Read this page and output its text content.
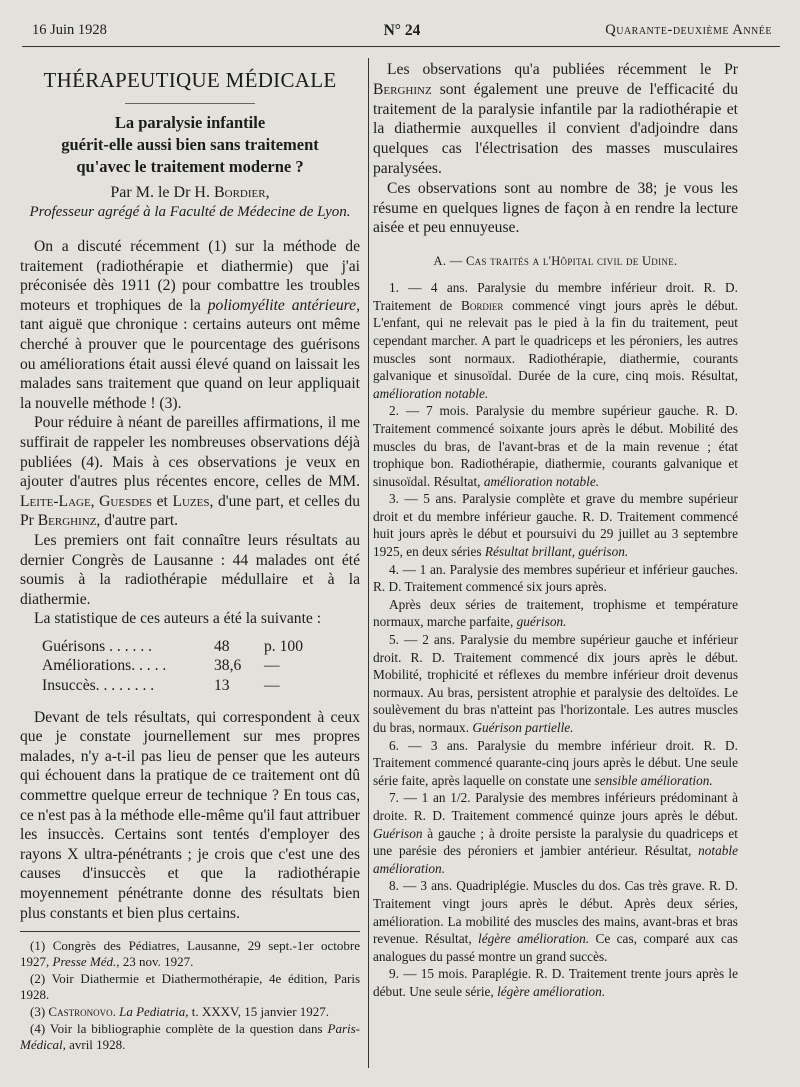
16 Juin 1928	N° 24	Quarante-deuxième Année
THÉRAPEUTIQUE MÉDICALE
La paralysie infantile
guérit-elle aussi bien sans traitement
qu'avec le traitement moderne ?
Par M. le Dr H. Bordier,
Professeur agrégé à la Faculté de Médecine de Lyon.

On a discuté récemment (1) sur la méthode de traitement (radiothérapie et diathermie) que j'ai préconisée dès 1911 (2) pour combattre les troubles moteurs et trophiques de la poliomyélite antérieure, tant aiguë que chronique : certains auteurs ont même cherché à prouver que le pourcentage des guérisons ou améliorations était aussi élevé quand on laissait les malades sans traitement que quand on leur appliquait la nouvelle méthode ! (3).

Pour réduire à néant de pareilles affirmations, il me suffirait de rappeler les nombreuses observations déjà publiées (4). Mais à ces observations je veux en ajouter d'autres plus récentes encore, celles de MM. Leite-Lage, Guesdes et Luzes, d'une part, et celles du Pr Berghinz, d'autre part.

Les premiers ont fait connaître leurs résultats au dernier Congrès de Lausanne : 44 malades ont été soumis à la radiothérapie médullaire et à la diathermie.

La statistique de ces auteurs a été la suivante :

Guérisons . . . . . .	48 p. 100
Améliorations. . . . .	38,6 —
Insuccès. . . . . . . .	13 —

Devant de tels résultats, qui correspondent à ceux que je constate journellement sur mes propres malades, n'y a-t-il pas lieu de penser que les auteurs qui échouent dans la pratique de ce traitement ont dû commettre quelque erreur de technique ? En tous cas, ce n'est pas à la méthode elle-même qu'il faut attribuer les insuccès. Certains sont tentés d'employer des rayons X ultra-pénétrants ; je crois que c'est une des causes d'insuccès et que la radiothérapie moyennement pénétrante donne des résultats bien plus constants et bien plus certains.

(1) Congrès des Pédiatres, Lausanne, 29 sept.-1er octobre 1927, Presse Méd., 23 nov. 1927.

(2) Voir Diathermie et Diathermothérapie, 4e édition, Paris 1928.

(3) Castronovo. La Pediatria, t. XXXV, 15 janvier 1927.

(4) Voir la bibliographie complète de la question dans Paris-Médical, avril 1928.

Les observations qu'a publiées récemment le Pr Berghinz sont également une preuve de l'efficacité du traitement de la paralysie infantile par la radiothérapie et la diathermie auxquelles il convient d'adjoindre dans quelques cas l'électrisation des masses musculaires paralysées.

Ces observations sont au nombre de 38; je vous les résume en quelques lignes de façon à en rendre la lecture aisée et peu ennuyeuse.

A. — Cas traités a l'Hôpital civil de Udine.

1. — 4 ans. Paralysie du membre inférieur droit. R. D. Traitement de Bordier commencé vingt jours après le début. L'enfant, qui ne relevait pas le pied à la fin du traitement, peut cependant marcher. A part le quadriceps et les péroniers, les autres muscles sont normaux. Radiothérapie, diathermie, courants galvanique et sinusoïdal. Durée de la cure, cinq mois. Résultat, amélioration notable.

2. — 7 mois. Paralysie du membre supérieur gauche. R. D. Traitement commencé soixante jours après le début. Mobilité des muscles du bras, de l'avant-bras et de la main revenue ; état trophique bon. Radiothérapie, diathermie, courants galvanique et sinusoïdal. Résultat, amélioration notable.

3. — 5 ans. Paralysie complète et grave du membre supérieur droit et du membre inférieur gauche. R. D. Traitement commencé huit jours après le début et poursuivi du 29 juillet au 3 septembre 1925, en deux séries Résultat brillant, guérison.

4. — 1 an. Paralysie des membres supérieur et inférieur gauches. R. D. Traitement commencé six jours après.

Après deux séries de traitement, trophisme et température normaux, marche parfaite, guérison.

5. — 2 ans. Paralysie du membre supérieur gauche et inférieur droit. R. D. Traitement commencé dix jours après le début. Mobilité, trophicité et réflexes du membre inférieur droit devenus normaux. Au bras, persistent atrophie et paralysie des deltoïdes. Le soulèvement du bras n'atteint pas l'horizontale. Les autres muscles du bras, normaux. Guérison partielle.

6. — 3 ans. Paralysie du membre inférieur droit. R. D. Traitement commencé quarante-cinq jours après le début. Une seule série faite, après laquelle on constate une sensible amélioration.

7. — 1 an 1/2. Paralysie des membres inférieurs prédominant à droite. R. D. Traitement commencé quinze jours après le début. Guérison à gauche ; à droite persiste la paralysie du quadriceps et une parésie des péroniers et jambier antérieur. Résultat, notable amélioration.

8. — 3 ans. Quadriplégie. Muscles du dos. Cas très grave. R. D. Traitement vingt jours après le début. Après deux séries, amélioration. La mobilité des muscles des mains, avant-bras et bras revenue. Résultat, légère amélioration. Ce cas, comparé aux cas analogues du passé montre un grand succès.

9. — 15 mois. Paraplégie. R. D. Traitement trente jours après le début. Une seule série, légère amélioration.
